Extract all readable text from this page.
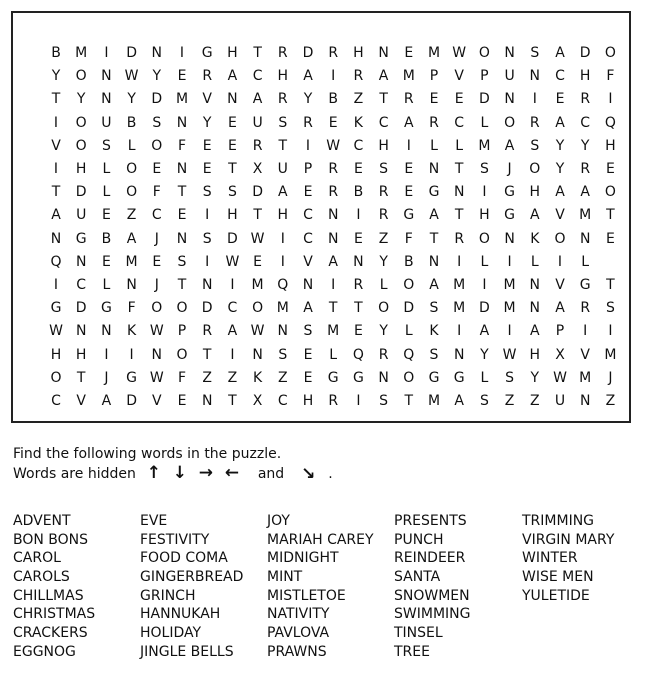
B	M	I	D	N	I	G	H	T	R	D	R	H	N	E	M W O	N	S	A	D	O
Y	O	N W	Y	E	R	A	C	H	A	I	R	A	M	P	V	P	U	N	C	H	F
T	Y	N	Y	D M	V	N	A	R	Y	B	Z	T	R	E	E	D	N	I	E	R	I
I	O	U	B	S	N	Y	E	U	S	R	E	K	C	A	R	C	L	O	R	A	C	Q
V	O	S	L	O	F	E	E	R	T	I	W C	H	I	L	L	M	A	S	Y	Y	H
I	H	L	O	E	N	E	T	X	U	P	R	E	S	E	N	T	S	J	O	Y	R	E
T	D	L	O	F	T	S	S	D	A	E	R	B	R	E	G	N	I	G	H	A	A	O
A	U	E	Z	C	E	I	H	T	H	C	N	I	R	G	A	T	H	G	A	V	M	T
N	G	B	A	J	N	S	D W	I	C	N	E	Z	F	T	R	O	N	K	O	N	E
Q	N	E	M	E	S	I	W E	I	V	A	N	Y	B	N	I	L	I	L	I	L
I	C	L	N	J	T	N	I	M Q	N	I	R	L	O	A	M	I	M N	V	G	T
G	D	G	F	O	O	D	C	O M	A	T	T	O	D	S	M D M N	A	R	S
W N	N	K W	P	R	A W N	S	M	E	Y	L	K	I	A	I	A	P	I	I
H	H	I	I	N	O	T	I	N	S	E	L	Q	R	Q	S	N	Y	W H	X	V	M
O	T	J	G W	F	Z	Z	K	Z	E	G	G	N	O	G	G	L	S	Y	W M	J
C	V	A	D	V	E	N	T	X	C	H	R	I	S	T	M	A	S	Z	Z	U	N	Z
Find the following words in the puzzle.
Words are hidden ↑ ↓ → ←	and ↘ .
ADVENT
BON BONS
CAROL
CAROLS
CHILLMAS
CHRISTMAS
CRACKERS
EGGNOG
EVE
FESTIVITY
FOOD COMA
GINGERBREAD
GRINCH
HANNUKAH
HOLIDAY
JINGLE BELLS
JOY
MARIAH CAREY
MIDNIGHT
MINT
MISTLETOE
NATIVITY
PAVLOVA
PRAWNS
PRESENTS
PUNCH
REINDEER
SANTA
SNOWMEN
SWIMMING
TINSEL
TREE
TRIMMING
VIRGIN MARY
WINTER
WISE MEN
YULETIDE
